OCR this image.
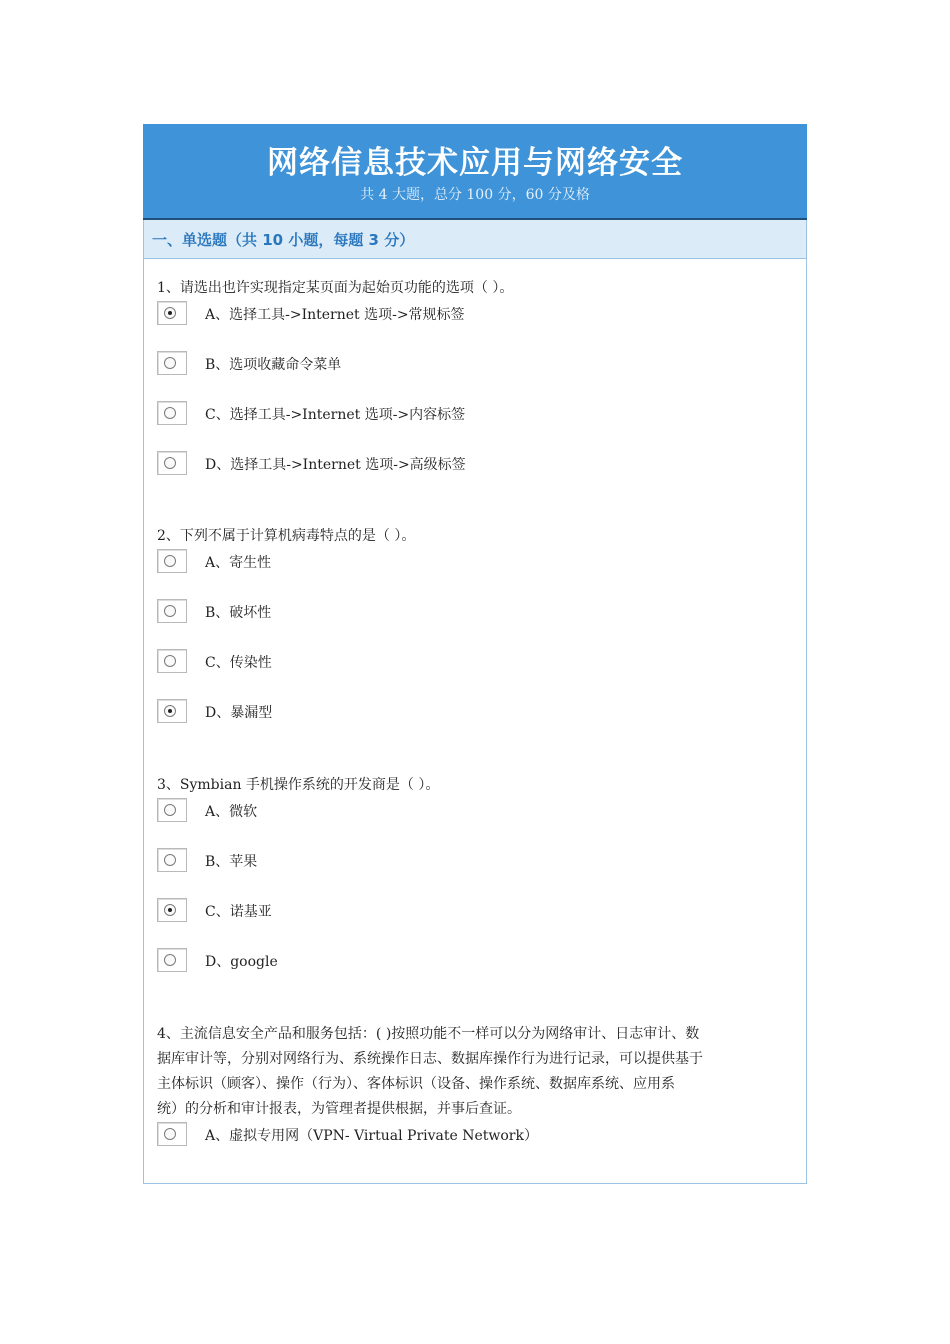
网络信息技术应用与网络安全
共 4 大题，总分 100 分，60 分及格
一、单选题（共 10 小题，每题 3 分）

1、请选出也许实现指定某页面为起始页功能的选项（ ）。

A、选择工具->Internet 选项->常规标签
B、选项收藏命令菜单
C、选择工具->Internet 选项->内容标签
D、选择工具->Internet 选项->高级标签

2、下列不属于计算机病毒特点的是（ ）。

A、寄生性
B、破坏性
C、传染性
D、暴漏型

3、Symbian 手机操作系统的开发商是（ ）。

A、微软
B、苹果
C、诺基亚
D、google

4、主流信息安全产品和服务包括：( )按照功能不一样可以分为网络审计、日志审计、数

据库审计等，分别对网络行为、系统操作日志、数据库操作行为进行记录，可以提供基于

主体标识（顾客）、操作（行为）、客体标识（设备、操作系统、数据库系统、应用系

统）的分析和审计报表，为管理者提供根据，并事后查证。

A、虚拟专用网（VPN- Virtual Private Network）
